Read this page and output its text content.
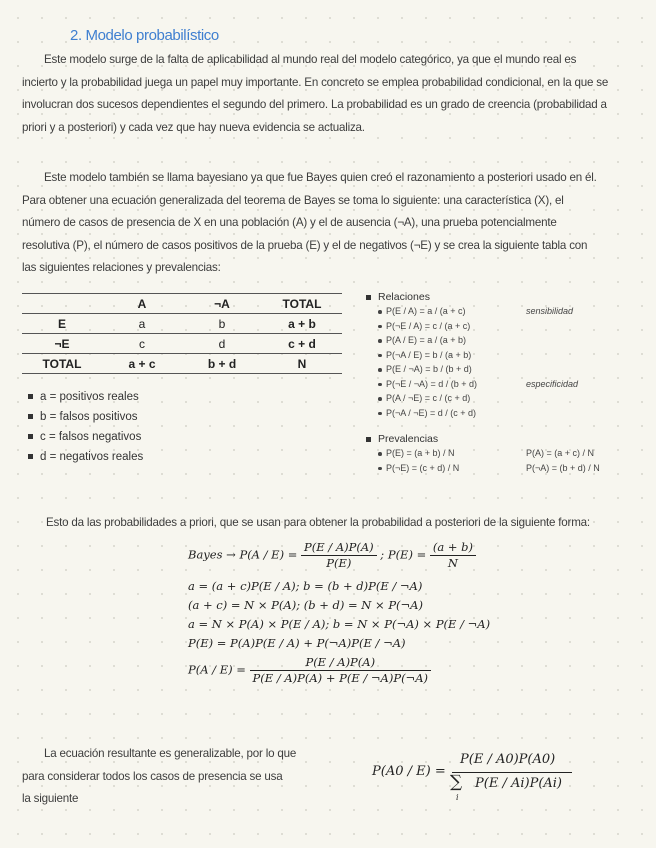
2. Modelo probabilístico
Este modelo surge de la falta de aplicabilidad al mundo real del modelo categórico, ya que el mundo real es
incierto y la probabilidad juega un papel muy importante. En concreto se emplea probabilidad condicional, en la que se
involucran dos sucesos dependientes el segundo del primero. La probabilidad es un grado de creencia (probabilidad a
priori y a posteriori) y cada vez que hay nueva evidencia se actualiza.
Este modelo también se llama bayesiano ya que fue Bayes quien creó el razonamiento a posteriori usado en él.
Para obtener una ecuación generalizada del teorema de Bayes se toma lo siguiente: una característica (X), el
número de casos de presencia de X en una población (A) y el de ausencia (¬A), una prueba potencialmente
resolutiva (P), el número de casos positivos de la prueba (E) y el de negativos (¬E) y se crea la siguiente tabla con
las siguientes relaciones y prevalencias:
	A	¬A	TOTAL
E	a	b	a + b
¬E	c	d	c + d
TOTAL	a + c	b + d	N
a = positivos reales
b = falsos positivos
c = falsos negativos
d = negativos reales
Relaciones
P(E / A) = a / (a + c)	sensibilidad
P(¬E / A) = c / (a + c)
P(A / E) = a / (a + b)
P(¬A / E) = b / (a + b)
P(E / ¬A) = b / (b + d)
P(¬E / ¬A) = d / (b + d)	especificidad
P(A / ¬E) = c / (c + d)
P(¬A / ¬E) = d / (c + d)
Prevalencias
P(E) = (a + b) / N	P(A) = (a + c) / N
P(¬E) = (c + d) / N	P(¬A) = (b + d) / N
Esto da las probabilidades a priori, que se usan para obtener la probabilidad a posteriori de la siguiente forma:
Bayes → $P(A / E) = \frac{P(E / A)P(A)}{P(E)}$ ; $P(E) = \frac{(a + b)}{N}$
a = (a + c)P(E / A); b = (b + d)P(E / ¬A)
(a + c) = N × P(A); (b + d) = N × P(¬A)
a = N × P(A) × P(E / A); b = N × P(¬A) × P(E / ¬A)
P(E) = P(A)P(E / A) + P(¬A)P(E / ¬A)
$P(A / E) = \frac{P(E / A)P(A)}{P(E / A)P(A) + P(E / \neg A)P(\neg A)}$
La ecuación resultante es generalizable, por lo que
para considerar todos los casos de presencia se usa
la siguiente
P(A0 / E) =
P(E / A0)P(A0)
∑
i
P(E / Ai)P(Ai)
